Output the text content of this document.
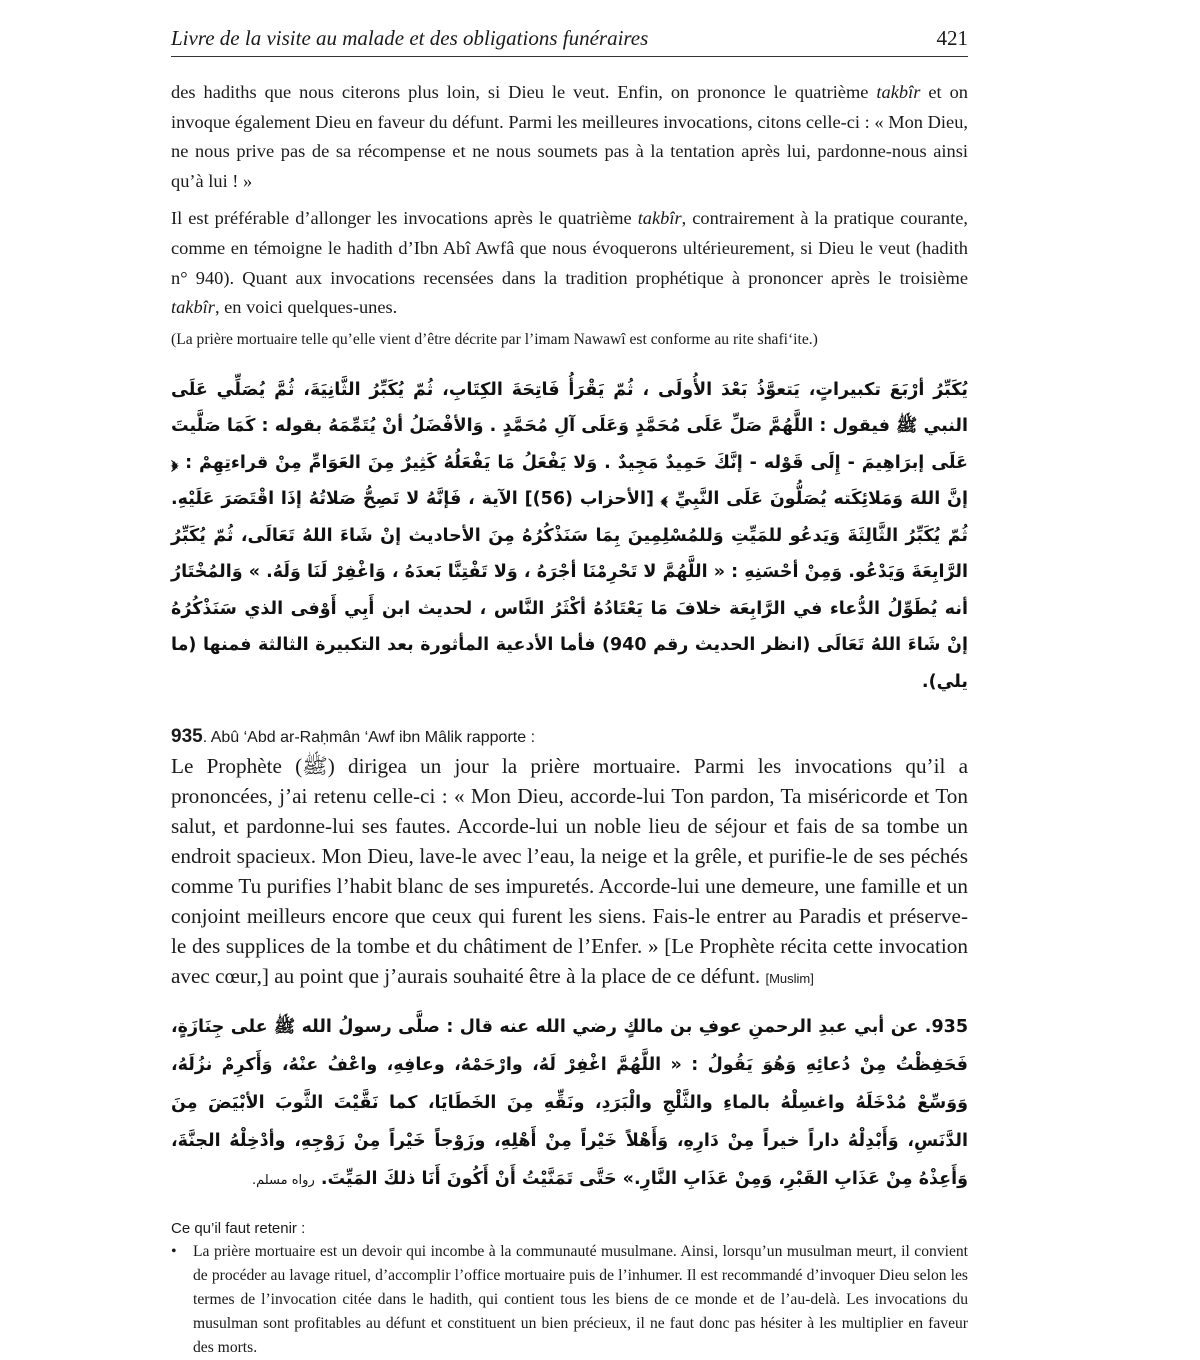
Livre de la visite au malade et des obligations funéraires	421

des hadiths que nous citerons plus loin, si Dieu le veut. Enfin, on prononce le quatrième takbîr et on invoque également Dieu en faveur du défunt. Parmi les meilleures invocations, citons celle-ci : « Mon Dieu, ne nous prive pas de sa récompense et ne nous soumets pas à la tentation après lui, pardonne-nous ainsi qu’à lui ! »

Il est préférable d’allonger les invocations après le quatrième takbîr, contrairement à la pratique courante, comme en témoigne le hadith d’Ibn Abî Awfâ que nous évoquerons ultérieurement, si Dieu le veut (hadith n° 940). Quant aux invocations recensées dans la tradition prophétique à prononcer après le troisième takbîr, en voici quelques-unes.

(La prière mortuaire telle qu’elle vient d’être décrite par l’imam Nawawî est conforme au rite shafi‘ite.)

يُكَبِّرُ أرْبَعَ تكبيراتٍ، يَتعوَّذُ بَعْدَ الأُولَى ، ثُمّ يَقْرَأُ فَاتِحَةَ الكِتَابِ، ثُمّ يُكَبِّرُ الثَّانِيَةَ، ثُمَّ يُصَلِّي عَلَى النبي ﷺ فيقول : اللَّهُمَّ صَلِّ عَلَى مُحَمَّدٍ وَعَلَى آلِ مُحَمَّدٍ . وَالأفْضَلُ أنْ يُتَمِّمَهُ بقوله : كَمَا صَلَّيتَ عَلَى إبرَاهِيمَ - إِلَى قَوْله - إنَّكَ حَمِيدٌ مَجِيدٌ . وَلا يَفْعَلُ مَا يَفْعَلُهُ كَثِيرٌ مِنَ العَوَامِّ مِنْ قراءتِهِمْ : ﴿ إنَّ اللهَ وَمَلائِكَته يُصَلُّونَ عَلَى النَّبِيِّ ﴾ [الأحزاب (56)] الآية ، فَإنَّهُ لا تَصِحُّ صَلاتُهُ إذَا اقْتَصَرَ عَلَيْهِ. ثُمّ يُكَبِّرُ الثَّالِثَةَ وَيَدعُو للمَيِّتِ وَللمُسْلِمِينَ بِمَا سَنَذْكُرُهُ مِنَ الأحاديث إنْ شَاءَ اللهُ تَعَالَى، ثُمّ يُكَبِّرُ الرَّابِعَةَ وَيَدْعُو. وَمِنْ أحْسَنِهِ : « اللَّهُمَّ لا تَحْرِمْنَا أجْرَهُ ، وَلا تَفْتِنَّا بَعدَهُ ، وَاغْفِرْ لَنَا وَلَهُ. » وَالمُخْتَارُ أنه يُطَوِّلُ الدُّعاء في الرَّابِعَة خلافَ مَا يَعْتَادُهُ أكْثَرُ النَّاس ، لحديث ابن أَبِي أَوْفى الذي سَنَذْكُرُهُ إنْ شَاءَ اللهُ تَعَالَى (انظر الحديث رقم 940) فأما الأدعية المأثورة بعد التكبيرة الثالثة فمنها (ما يلي).

935. Abû ‘Abd ar-Raḥmân ‘Awf ibn Mâlik rapporte :

Le Prophète (ﷺ) dirigea un jour la prière mortuaire. Parmi les invocations qu’il a prononcées, j’ai retenu celle-ci : « Mon Dieu, accorde-lui Ton pardon, Ta miséricorde et Ton salut, et pardonne-lui ses fautes. Accorde-lui un noble lieu de séjour et fais de sa tombe un endroit spacieux. Mon Dieu, lave-le avec l’eau, la neige et la grêle, et purifie-le de ses péchés comme Tu purifies l’habit blanc de ses impuretés. Accorde-lui une demeure, une famille et un conjoint meilleurs encore que ceux qui furent les siens. Fais-le entrer au Paradis et préserve-le des supplices de la tombe et du châtiment de l’Enfer. » [Le Prophète récita cette invocation avec cœur,] au point que j’aurais souhaité être à la place de ce défunt. [Muslim]

935. عن أبي عبدِ الرحمنِ عوفِ بن مالكٍ رضي الله عنه قال : صلَّى رسولُ الله ﷺ على جِنَازَةٍ، فَحَفِظْتُ مِنْ دُعائِهِ وَهُوَ يَقُولُ : « اللَّهُمَّ اغْفِرْ لَهُ، وارْحَمْهُ، وعافِهِ، واعْفُ عنْهُ، وَأَكرِمْ نزُلَهُ، وَوَسِّعْ مُدْخَلَهُ واغسِلْهُ بالماءِ والثَّلْجِ والْبَرَدِ، ونَقِّهِ مِنَ الخَطَايَا، كما نَقَّيْتَ الثَّوبَ الأبْيَضَ مِنَ الدَّنَسِ، وَأَبْدِلْهُ داراً خيراً مِنْ دَارِهِ، وَأَهْلاً خَيْراً مِنْ أَهْلِهِ، وزَوْجاً خَيْراً مِنْ زَوْجِهِ، وأدْخِلْهُ الجنَّةَ، وَأَعِذْهُ مِنْ عَذَابِ القَبْرِ، وَمِنْ عَذَابِ النَّارِ.» حَتَّى تَمَنَّيْتُ أَنْ أَكُونَ أَنَا ذلكَ المَيِّتَ. رواه مسلم.

Ce qu’il faut retenir :
•	La prière mortuaire est un devoir qui incombe à la communauté musulmane. Ainsi, lorsqu’un musulman meurt, il convient de procéder au lavage rituel, d’accomplir l’office mortuaire puis de l’inhumer. Il est recommandé d’invoquer Dieu selon les termes de l’invocation citée dans le hadith, qui contient tous les biens de ce monde et de l’au-delà. Les invocations du musulman sont profitables au défunt et constituent un bien précieux, il ne faut donc pas hésiter à les multiplier en faveur des morts.
